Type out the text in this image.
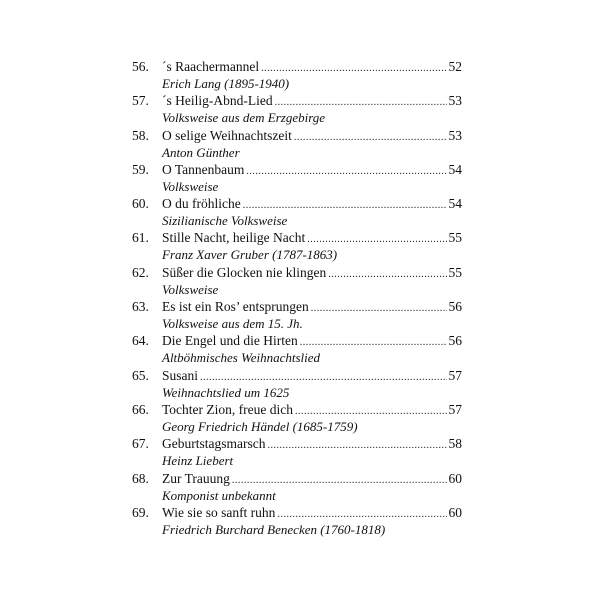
56. ´s Raachermannel .....	52
Erich Lang (1895-1940)
57. ´s Heilig-Abnd-Lied .....	53
Volksweise aus dem Erzgebirge
58. O selige Weihnachtszeit .....	53
Anton Günther
59. O Tannenbaum .....	54
Volksweise
60. O du fröhliche .....	54
Sizilianische Volksweise
61. Stille Nacht, heilige Nacht .....	55
Franz Xaver Gruber (1787-1863)
62. Süßer die Glocken nie klingen .....	55
Volksweise
63. Es ist ein Ros’ entsprungen .....	56
Volksweise aus dem 15. Jh.
64. Die Engel und die Hirten .....	56
Altböhmisches Weihnachtslied
65. Susani .....	57
Weihnachtslied um 1625
66. Tochter Zion, freue dich .....	57
Georg Friedrich Händel (1685-1759)
67. Geburtstagsmarsch .....	58
Heinz Liebert
68. Zur Trauung .....	60
Komponist unbekannt
69. Wie sie so sanft ruhn .....	60
Friedrich Burchard Benecken (1760-1818)
